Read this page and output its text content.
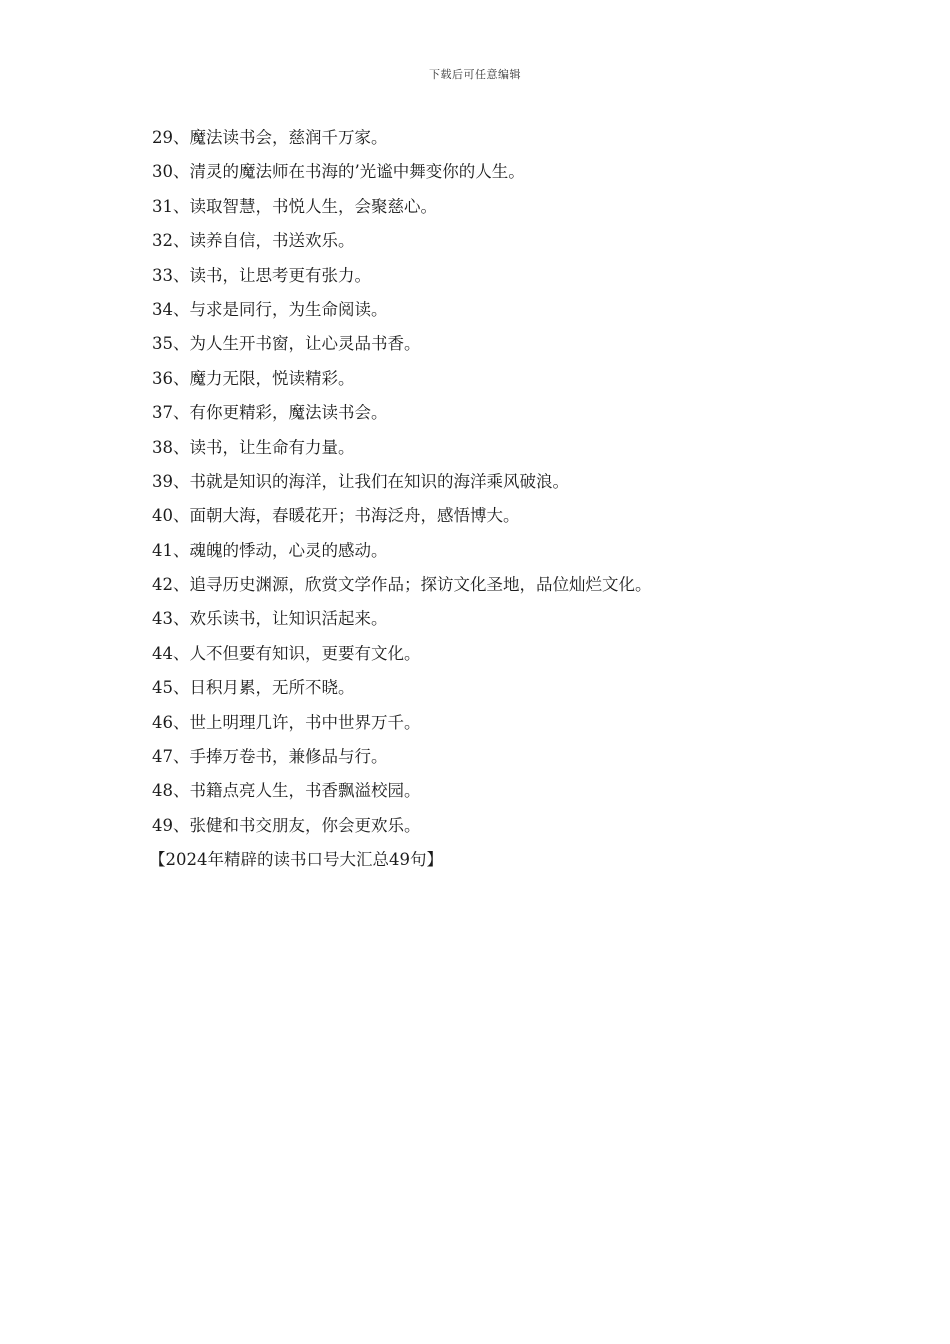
下载后可任意编辑
29、魔法读书会，慈润千万家。
30、清灵的魔法师在书海的’光谧中舞变你的人生。
31、读取智慧，书悦人生，会聚慈心。
32、读养自信，书送欢乐。
33、读书，让思考更有张力。
34、与求是同行，为生命阅读。
35、为人生开书窗，让心灵品书香。
36、魔力无限，悦读精彩。
37、有你更精彩，魔法读书会。
38、读书，让生命有力量。
39、书就是知识的海洋，让我们在知识的海洋乘风破浪。
40、面朝大海，春暖花开；书海泛舟，感悟博大。
41、魂魄的悸动，心灵的感动。
42、追寻历史渊源，欣赏文学作品；探访文化圣地，品位灿烂文化。
43、欢乐读书，让知识活起来。
44、人不但要有知识，更要有文化。
45、日积月累，无所不晓。
46、世上明理几许，书中世界万千。
47、手捧万卷书，兼修品与行。
48、书籍点亮人生，书香飘溢校园。
49、张健和书交朋友，你会更欢乐。
【2024年精辟的读书口号大汇总49句】
